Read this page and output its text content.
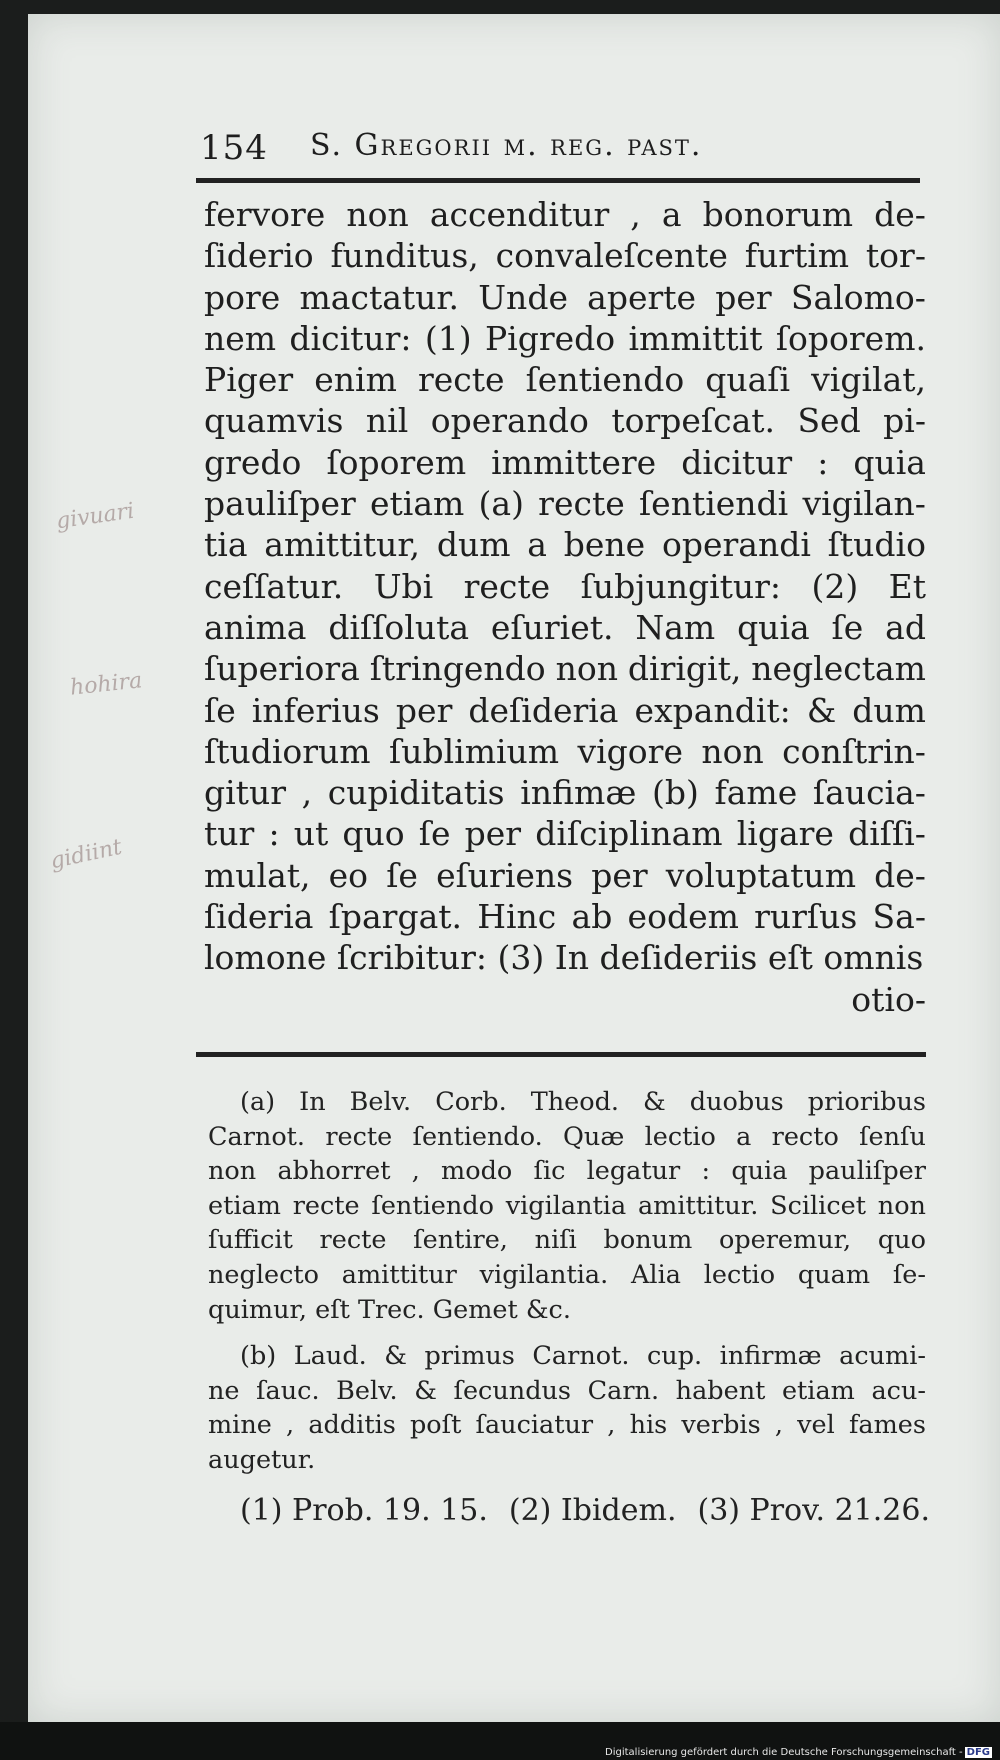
154 S. Gregorii m. reg. past.
fervore non accenditur , a bonorum de-
ſiderio funditus, convaleſcente furtim tor-
pore mactatur. Unde aperte per Salomo-
nem dicitur: (1) Pigredo immittit ſoporem.
Piger enim recte ſentiendo quaſi vigilat,
quamvis nil operando torpeſcat. Sed pi-
gredo ſoporem immittere dicitur : quia
pauliſper etiam (a) recte ſentiendi vigilan-
tia amittitur, dum a bene operandi ſtudio
ceſſatur. Ubi recte ſubjungitur: (2) Et
anima diſſoluta eſuriet. Nam quia ſe ad
ſuperiora ſtringendo non dirigit, neglectam
ſe inferius per deſideria expandit: & dum
ſtudiorum ſublimium vigore non conſtrin-
gitur , cupiditatis infimæ (b) fame ſaucia-
tur : ut quo ſe per diſciplinam ligare diſſi-
mulat, eo ſe eſuriens per voluptatum de-
ſideria ſpargat. Hinc ab eodem rurſus Sa-
lomone ſcribitur: (3) In deſideriis eſt omnis
otio-
(a) In Belv. Corb. Theod. & duobus prioribus
Carnot. recte ſentiendo. Quæ lectio a recto ſenſu
non abhorret , modo ſic legatur : quia pauliſper
etiam recte ſentiendo vigilantia amittitur. Scilicet non
ſufficit recte ſentire, niſi bonum operemur, quo
neglecto amittitur vigilantia. Alia lectio quam ſe-
quimur, eſt Trec. Gemet &c.
(b) Laud. & primus Carnot. cup. infirmæ acumi-
ne ſauc. Belv. & ſecundus Carn. habent etiam acu-
mine , additis poſt ſauciatur , his verbis , vel fames
augetur.
(1) Prob. 19. 15. (2) Ibidem. (3) Prov. 21.26.
givuari
hohira
gidiint
Digitalisierung gefördert durch die Deutsche Forschungsgemeinschaft - DFG
